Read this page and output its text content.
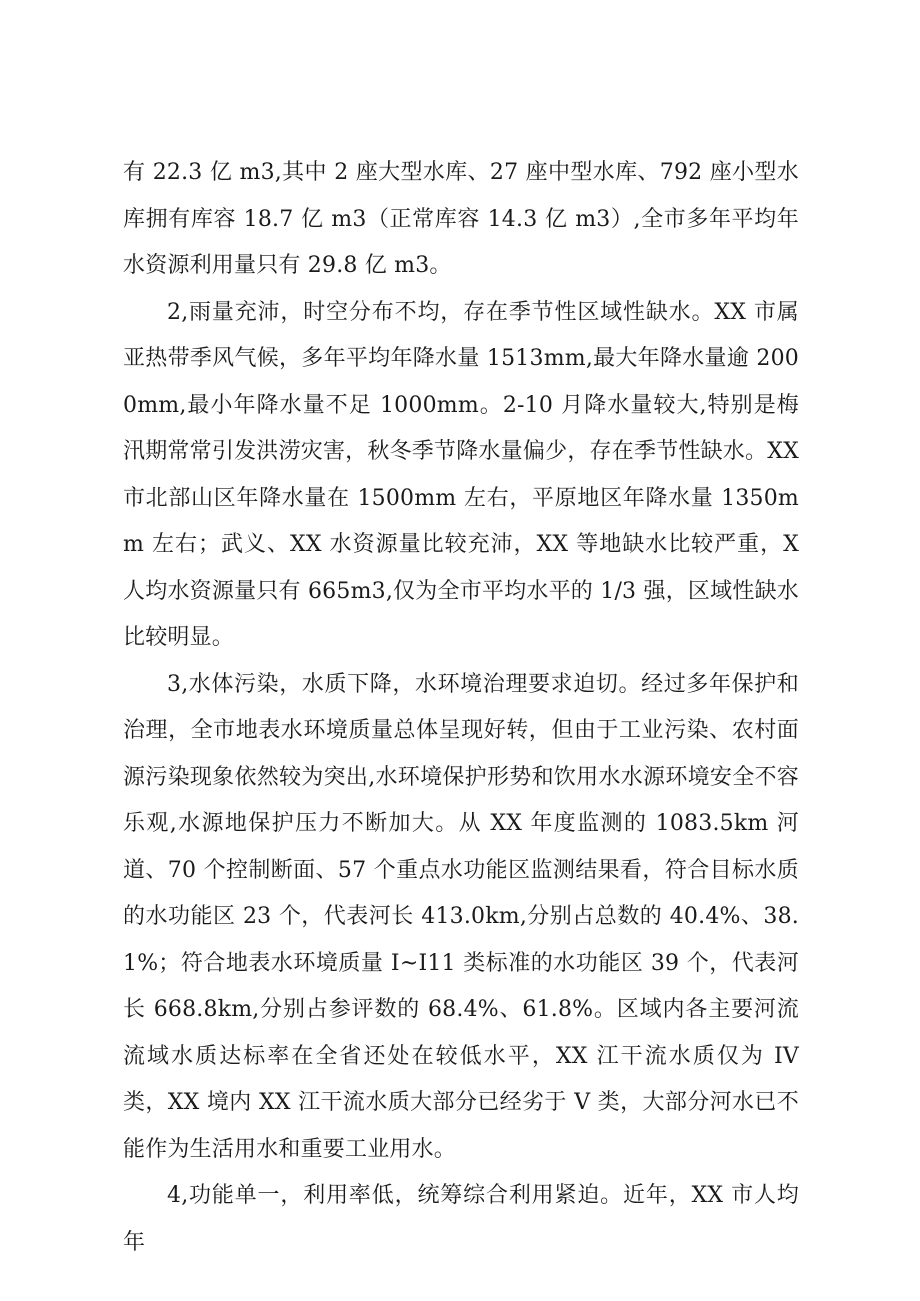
有 22.3 亿 m3,其中 2 座大型水库、27 座中型水库、792 座小型水库拥有库容 18.7 亿 m3（正常库容 14.3 亿 m3）,全市多年平均年水资源利用量只有 29.8 亿 m3。

2,雨量充沛，时空分布不均，存在季节性区域性缺水。XX 市属亚热带季风气候，多年平均年降水量 1513mm,最大年降水量逾 2000mm,最小年降水量不足 1000mm。2-10 月降水量较大,特别是梅汛期常常引发洪涝灾害，秋冬季节降水量偏少，存在季节性缺水。XX 市北部山区年降水量在 1500mm 左右，平原地区年降水量 1350mm 左右；武义、XX 水资源量比较充沛，XX 等地缺水比较严重，X 人均水资源量只有 665m3,仅为全市平均水平的 1/3 强，区域性缺水比较明显。

3,水体污染，水质下降，水环境治理要求迫切。经过多年保护和治理，全市地表水环境质量总体呈现好转，但由于工业污染、农村面源污染现象依然较为突出,水环境保护形势和饮用水水源环境安全不容乐观,水源地保护压力不断加大。从 XX 年度监测的 1083.5km 河道、70 个控制断面、57 个重点水功能区监测结果看，符合目标水质的水功能区 23 个，代表河长 413.0km,分别占总数的 40.4%、38.1%；符合地表水环境质量 I~I11 类标准的水功能区 39 个，代表河长 668.8km,分别占参评数的 68.4%、61.8%。区域内各主要河流流域水质达标率在全省还处在较低水平，XX 江干流水质仅为 IV 类，XX 境内 XX 江干流水质大部分已经劣于 V 类，大部分河水已不能作为生活用水和重要工业用水。

4,功能单一，利用率低，统筹综合利用紧迫。近年，XX 市人均年
